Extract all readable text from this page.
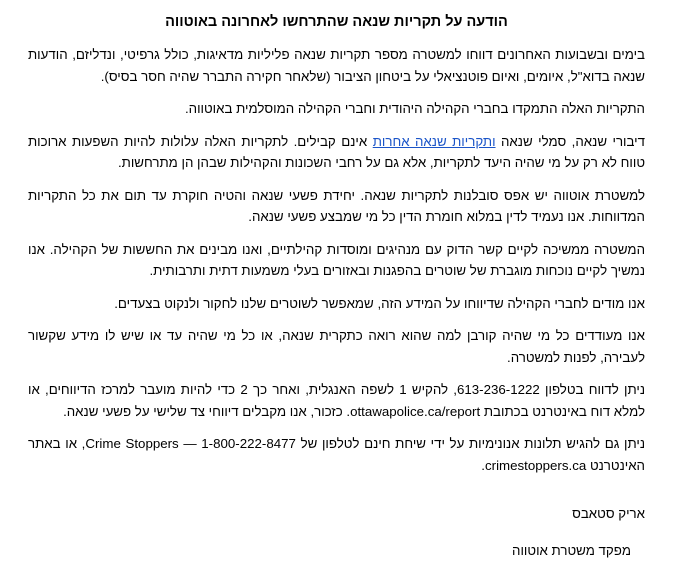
הודעה על תקריות שנאה שהתרחשו לאחרונה באוטווה

בימים ובשבועות האחרונים דווחו למשטרה מספר תקריות שנאה פליליות מדאיגות, כולל גרפיטי, ונדליזם, הודעות שנאה בדוא"ל, איומים, ואיום פוטנציאלי על ביטחון הציבור (שלאחר חקירה התברר שהיה חסר בסיס).

התקריות האלה התמקדו בחברי הקהילה היהודית וחברי הקהילה המוסלמית באוטווה.

דיבורי שנאה, סמלי שנאה ותקריות שנאה אחרות אינם קבילים. לתקריות האלה עלולות להיות השפעות ארוכות טווח לא רק על מי שהיה היעד לתקריות, אלא גם על רחבי השכונות והקהילות שבהן הן מתרחשות.

למשטרת אוטווה יש אפס סובלנות לתקריות שנאה. יחידת פשעי שנאה והטיה חוקרת עד תום את כל התקריות המדווחות. אנו נעמיד לדין במלוא חומרת הדין כל מי שמבצע פשעי שנאה.

המשטרה ממשיכה לקיים קשר הדוק עם מנהיגים ומוסדות קהילתיים, ואנו מבינים את החששות של הקהילה. אנו נמשיך לקיים נוכחות מוגברת של שוטרים בהפגנות ובאזורים בעלי משמעות דתית ותרבותית.

אנו מודים לחברי הקהילה שדיווחו על המידע הזה, שמאפשר לשוטרים שלנו לחקור ולנקוט בצעדים.

אנו מעודדים כל מי שהיה קורבן למה שהוא רואה כתקרית שנאה, או כל מי שהיה עד או שיש לו מידע שקשור לעבירה, לפנות למשטרה.

ניתן לדווח בטלפון 613-236-1222, להקיש 1 לשפה האנגלית, ואחר כך 2 כדי להיות מועבר למרכז הדיווחים, או למלא דוח באינטרנט בכתובת ottawapolice.ca/report. כזכור, אנו מקבלים דיווחי צד שלישי על פשעי שנאה.

ניתן גם להגיש תלונות אנונימיות על ידי שיחת חינם לטלפון של Crime Stoppers — 1-800-222-8477, או באתר האינטרנט crimestoppers.ca.

אריק סטאבס

מפקד משטרת אוטווה
